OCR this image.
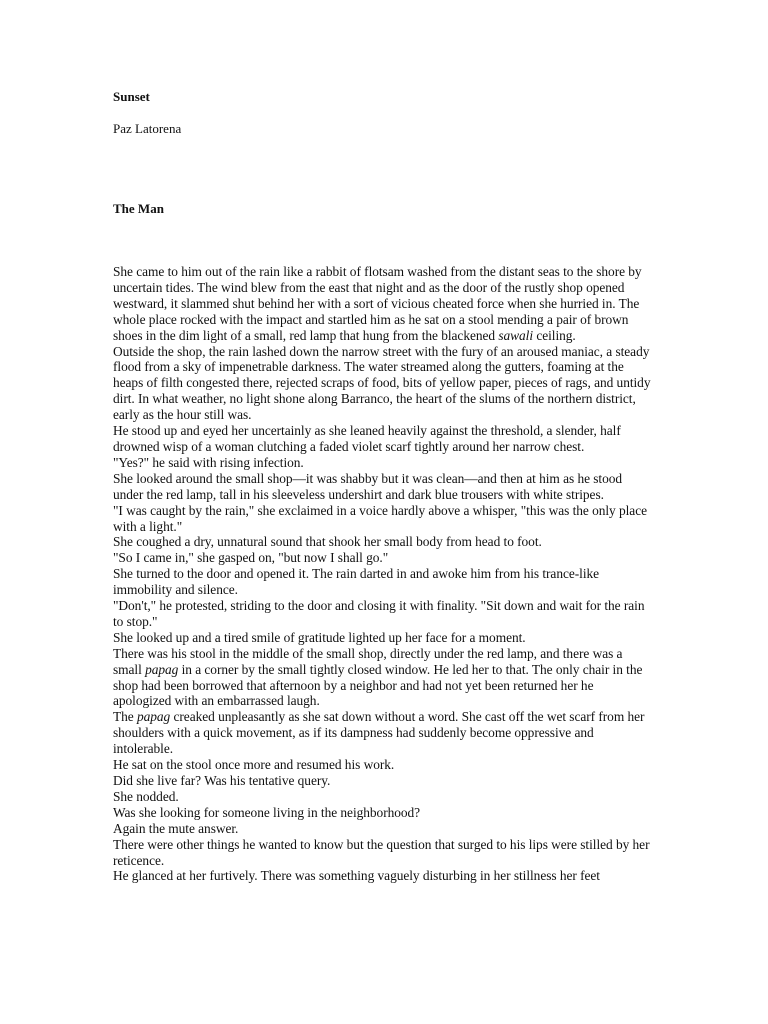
Sunset

Paz Latorena

The Man

She came to him out of the rain like a rabbit of flotsam washed from the distant seas to the shore by uncertain tides. The wind blew from the east that night and as the door of the rustly shop opened westward, it slammed shut behind her with a sort of vicious cheated force when she hurried in. The whole place rocked with the impact and startled him as he sat on a stool mending a pair of brown shoes in the dim light of a small, red lamp that hung from the blackened sawali ceiling.

Outside the shop, the rain lashed down the narrow street with the fury of an aroused maniac, a steady flood from a sky of impenetrable darkness. The water streamed along the gutters, foaming at the heaps of filth congested there, rejected scraps of food, bits of yellow paper, pieces of rags, and untidy dirt. In what weather, no light shone along Barranco, the heart of the slums of the northern district, early as the hour still was.

He stood up and eyed her uncertainly as she leaned heavily against the threshold, a slender, half drowned wisp of a woman clutching a faded violet scarf tightly around her narrow chest.

"Yes?" he said with rising infection.

She looked around the small shop—it was shabby but it was clean—and then at him as he stood under the red lamp, tall in his sleeveless undershirt and dark blue trousers with white stripes.

"I was caught by the rain," she exclaimed in a voice hardly above a whisper, "this was the only place with a light."

She coughed a dry, unnatural sound that shook her small body from head to foot.

"So I came in," she gasped on, "but now I shall go."

She turned to the door and opened it. The rain darted in and awoke him from his trance-like immobility and silence.

"Don't," he protested, striding to the door and closing it with finality. "Sit down and wait for the rain to stop."

She looked up and a tired smile of gratitude lighted up her face for a moment.

There was his stool in the middle of the small shop, directly under the red lamp, and there was a small papag in a corner by the small tightly closed window. He led her to that. The only chair in the shop had been borrowed that afternoon by a neighbor and had not yet been returned her he apologized with an embarrassed laugh.

The papag creaked unpleasantly as she sat down without a word. She cast off the wet scarf from her shoulders with a quick movement, as if its dampness had suddenly become oppressive and intolerable.

He sat on the stool once more and resumed his work.

Did she live far? Was his tentative query.

She nodded.

Was she looking for someone living in the neighborhood?

Again the mute answer.

There were other things he wanted to know but the question that surged to his lips were stilled by her reticence.

He glanced at her furtively. There was something vaguely disturbing in her stillness her feet
